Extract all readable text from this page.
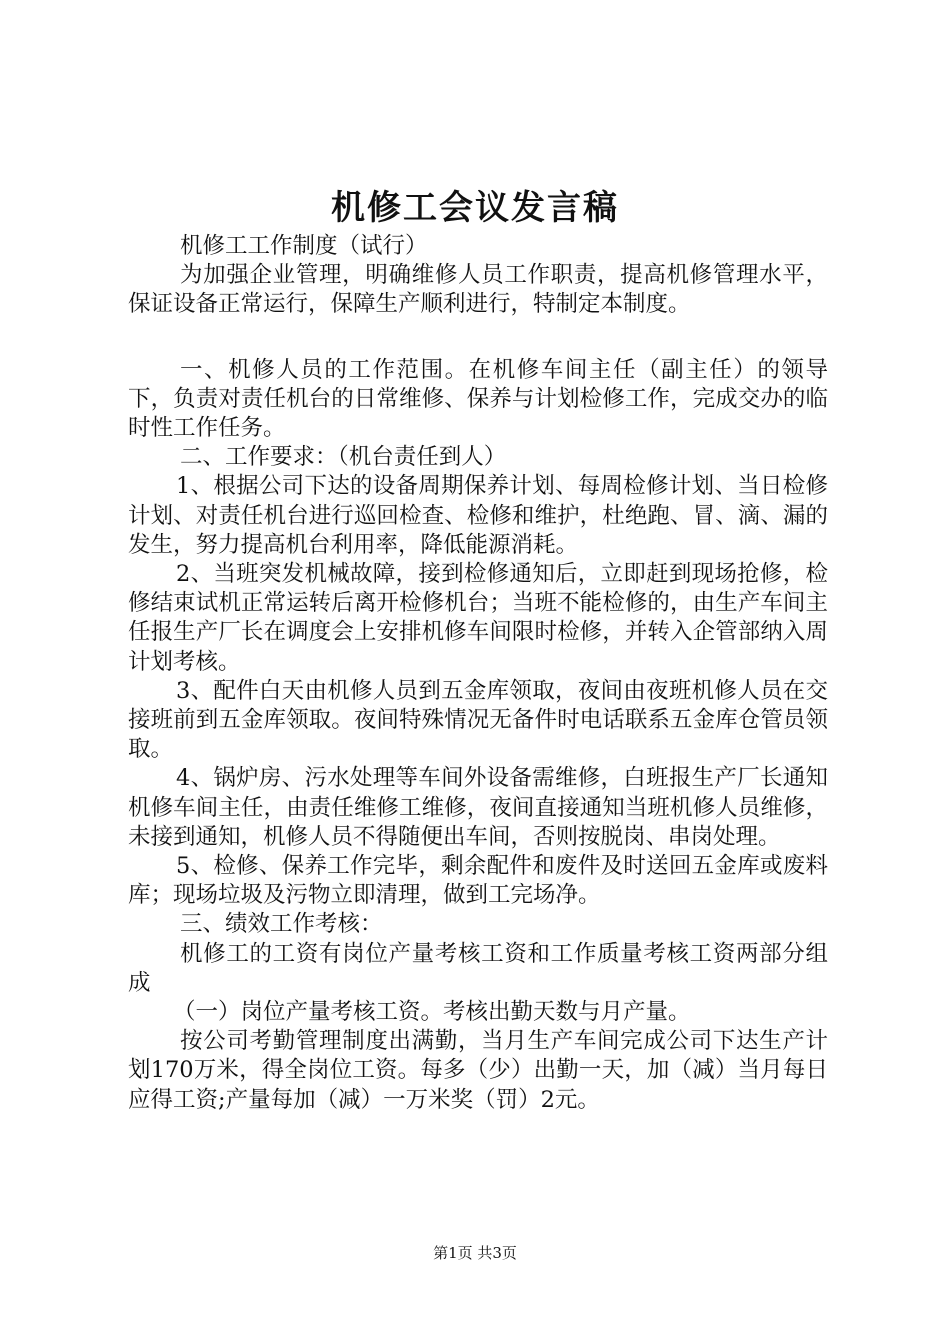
机修工会议发言稿

机修工工作制度（试行）

为加强企业管理，明确维修人员工作职责，提高机修管理水平，保证设备正常运行，保障生产顺利进行，特制定本制度。

一、机修人员的工作范围。在机修车间主任（副主任）的领导下，负责对责任机台的日常维修、保养与计划检修工作，完成交办的临时性工作任务。

二、工作要求：（机台责任到人）

1、根据公司下达的设备周期保养计划、每周检修计划、当日检修计划、对责任机台进行巡回检查、检修和维护，杜绝跑、冒、滴、漏的发生，努力提高机台利用率，降低能源消耗。

2、当班突发机械故障，接到检修通知后，立即赶到现场抢修，检修结束试机正常运转后离开检修机台；当班不能检修的，由生产车间主任报生产厂长在调度会上安排机修车间限时检修，并转入企管部纳入周计划考核。

3、配件白天由机修人员到五金库领取，夜间由夜班机修人员在交接班前到五金库领取。夜间特殊情况无备件时电话联系五金库仓管员领取。

4、锅炉房、污水处理等车间外设备需维修，白班报生产厂长通知机修车间主任，由责任维修工维修，夜间直接通知当班机修人员维修，未接到通知，机修人员不得随便出车间，否则按脱岗、串岗处理。

5、检修、保养工作完毕，剩余配件和废件及时送回五金库或废料库；现场垃圾及污物立即清理，做到工完场净。

三、绩效工作考核：

机修工的工资有岗位产量考核工资和工作质量考核工资两部分组成

（一）岗位产量考核工资。考核出勤天数与月产量。

按公司考勤管理制度出满勤，当月生产车间完成公司下达生产计划170万米，得全岗位工资。每多（少）出勤一天，加（减）当月每日应得工资;产量每加（减）一万米奖（罚）2元。

第1页 共3页
